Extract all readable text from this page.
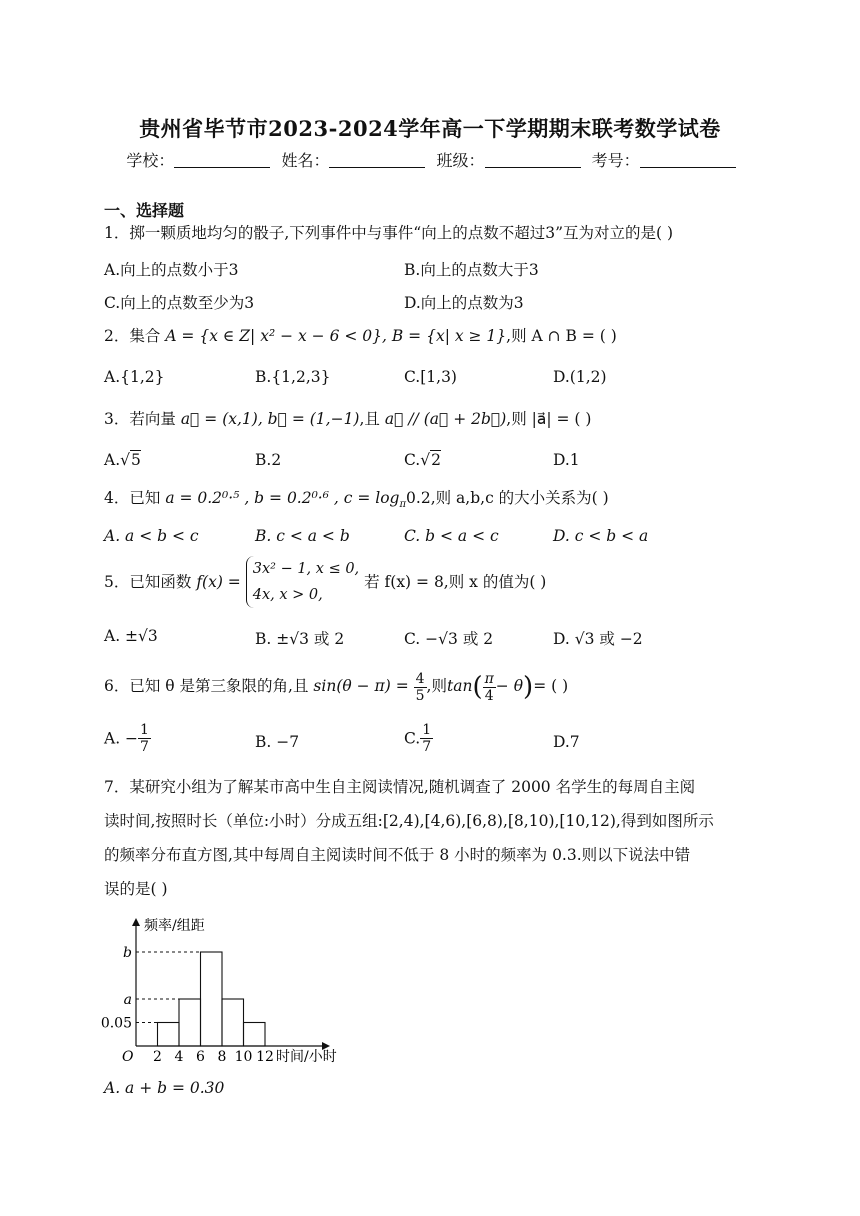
贵州省毕节市2023-2024学年高一下学期期末联考数学试卷
学校：	姓名：	班级：	考号：
一、选择题
1．掷一颗质地均匀的骰子,下列事件中与事件“向上的点数不超过3”互为对立的是( )
A.向上的点数小于3	B.向上的点数大于3
C.向上的点数至少为3	D.向上的点数为3
2．集合 A = {x ∈ Z| x² − x − 6 < 0}, B = {x| x ≥ 1},则 A ∩ B = ( )
A.{1,2}	B.{1,2,3}	C.[1,3)	D.(1,2)
3．若向量 a⃗ = (x,1), b⃗ = (1,−1),且 a⃗ // (a⃗ + 2b⃗),则 |a⃗| = ( )
A.√5	B.2	C.√2	D.1
4．已知 a = 0.2⁰·⁵ , b = 0.2⁰·⁶ , $c = \log_\pi 0.2$,则 a,b,c 的大小关系为( )
A. a < b < c	B. c < a < b	C. b < a < c	D. c < b < a
5．已知函数 f(x) =
3x² − 1, x ≤ 0,
4x, x > 0,
若 f(x) = 8,则 x 的值为( )
A. ±√3	B. ±√3 或 2	C. −√3 或 2	D. √3 或 −2
6．已知 θ 是第三象限的角,且 $\sin(\theta - \pi) = \frac{4}{5}$ ,则$\tan( \frac{\pi}{4} - \theta)=$ ( )
A. − $\frac{1}{7}$	B. −7	C. $\frac{1}{7}$	D.7
7．某研究小组为了解某市高中生自主阅读情况,随机调查了 2000 名学生的每周自主阅
读时间,按照时长（单位:小时）分成五组:[2,4),[4,6),[6,8),[8,10),[10,12),得到如图所示
的频率分布直方图,其中每周自主阅读时间不低于 8 小时的频率为 0.3.则以下说法中错
误的是( )
频率/组距
时间/小时
O
0.05
a
b
2 4 6 8 10 12
A. a + b = 0.30
